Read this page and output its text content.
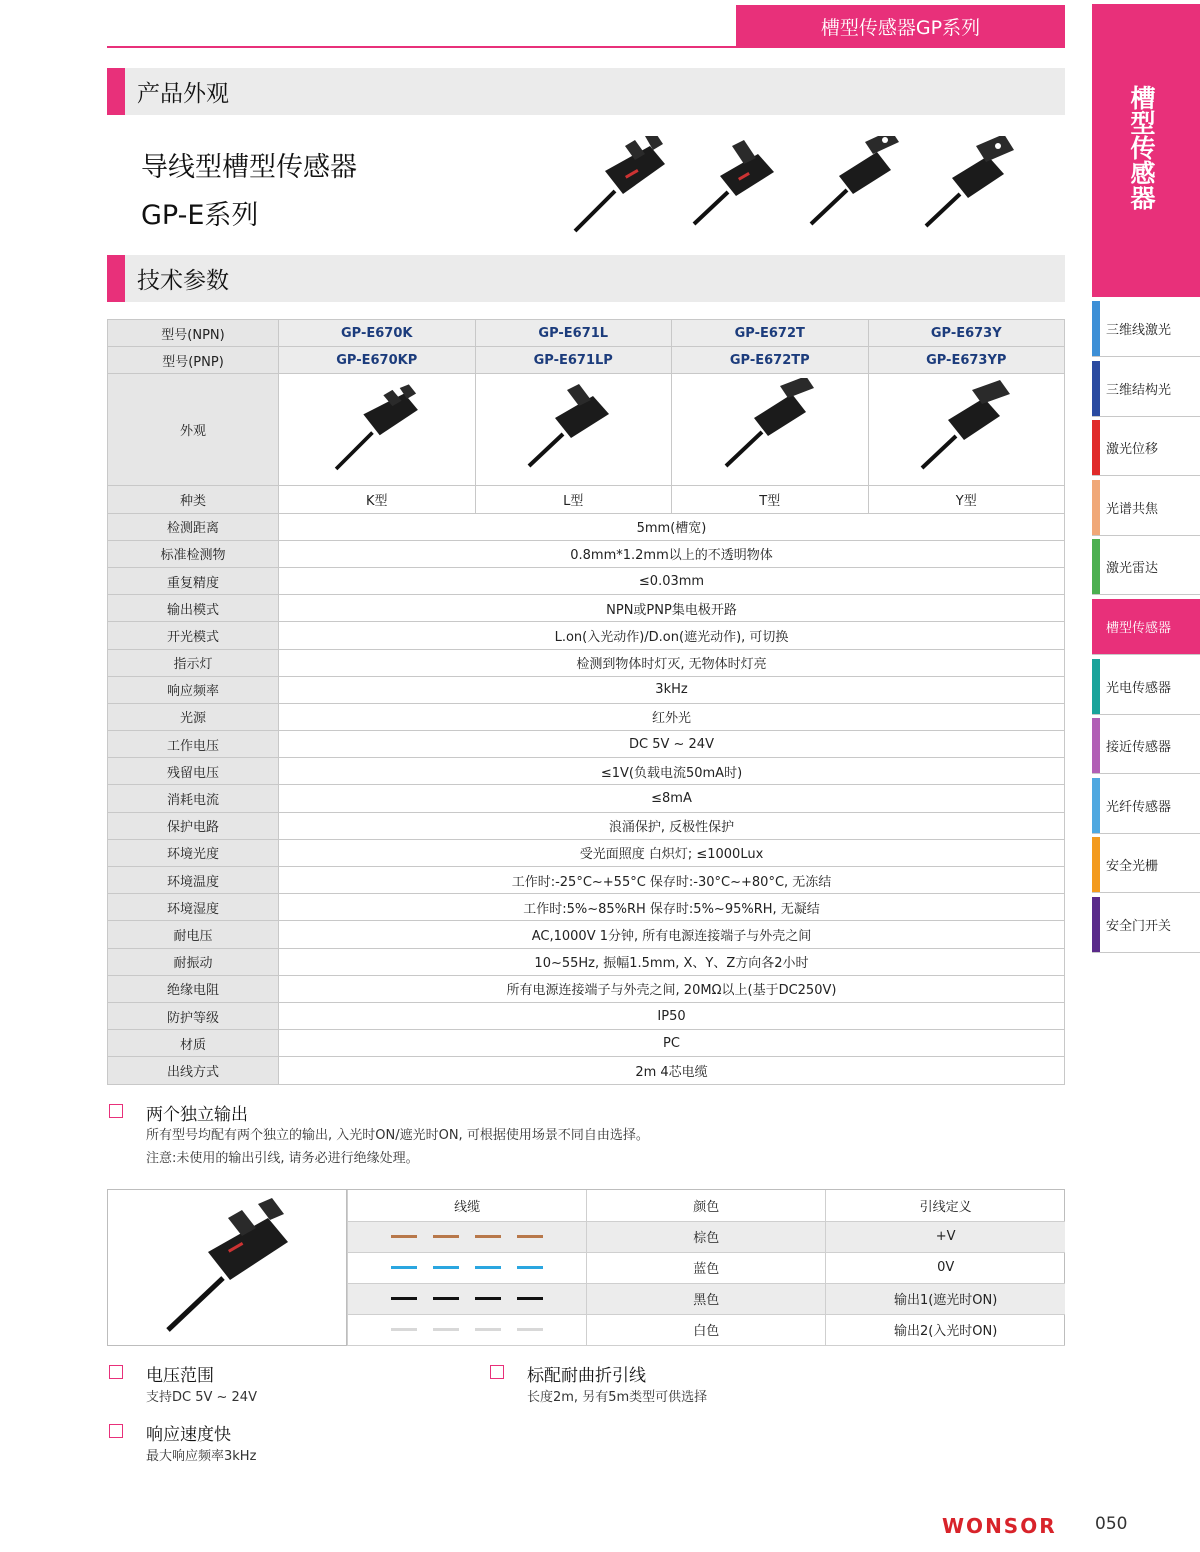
槽型传感器GP系列
产品外观
导线型槽型传感器
GP-E系列
技术参数
型号(NPN)	GP-E670K	GP-E671L	GP-E672T	GP-E673Y
型号(PNP)	GP-E670KP	GP-E671LP	GP-E672TP	GP-E673YP
外观				
种类	K型	L型	T型	Y型
检测距离	5mm(槽宽)			
标准检测物	0.8mm*1.2mm以上的不透明物体			
重复精度	≤0.03mm			
输出模式	NPN或PNP集电极开路			
开光模式	L.on(入光动作)/D.on(遮光动作), 可切换			
指示灯	检测到物体时灯灭, 无物体时灯亮			
响应频率	3kHz			
光源	红外光			
工作电压	DC 5V ~ 24V			
残留电压	≤1V(负载电流50mA时)			
消耗电流	≤8mA			
保护电路	浪涌保护, 反极性保护			
环境光度	受光面照度 白炽灯; ≤1000Lux			
环境温度	工作时:-25°C~+55°C 保存时:-30°C~+80°C, 无冻结			
环境湿度	工作时:5%~85%RH 保存时:5%~95%RH, 无凝结			
耐电压	AC,1000V 1分钟, 所有电源连接端子与外壳之间			
耐振动	10~55Hz, 振幅1.5mm, X、Y、Z方向各2小时			
绝缘电阻	所有电源连接端子与外壳之间, 20MΩ以上(基于DC250V)			
防护等级	IP50			
材质	PC			
出线方式	2m 4芯电缆			
两个独立输出
所有型号均配有两个独立的输出, 入光时ON/遮光时ON, 可根据使用场景不同自由选择。
注意:未使用的输出引线, 请务必进行绝缘处理。
线缆	颜色	引线定义
	棕色	+V
	蓝色	0V
	黑色	输出1(遮光时ON)
	白色	输出2(入光时ON)
电压范围
支持DC 5V ~ 24V
标配耐曲折引线
长度2m, 另有5m类型可供选择
响应速度快
最大响应频率3kHz
槽型传感器
三维线激光
三维结构光
激光位移
光谱共焦
激光雷达
槽型传感器
光电传感器
接近传感器
光纤传感器
安全光栅
安全门开关
WONSOR 050
